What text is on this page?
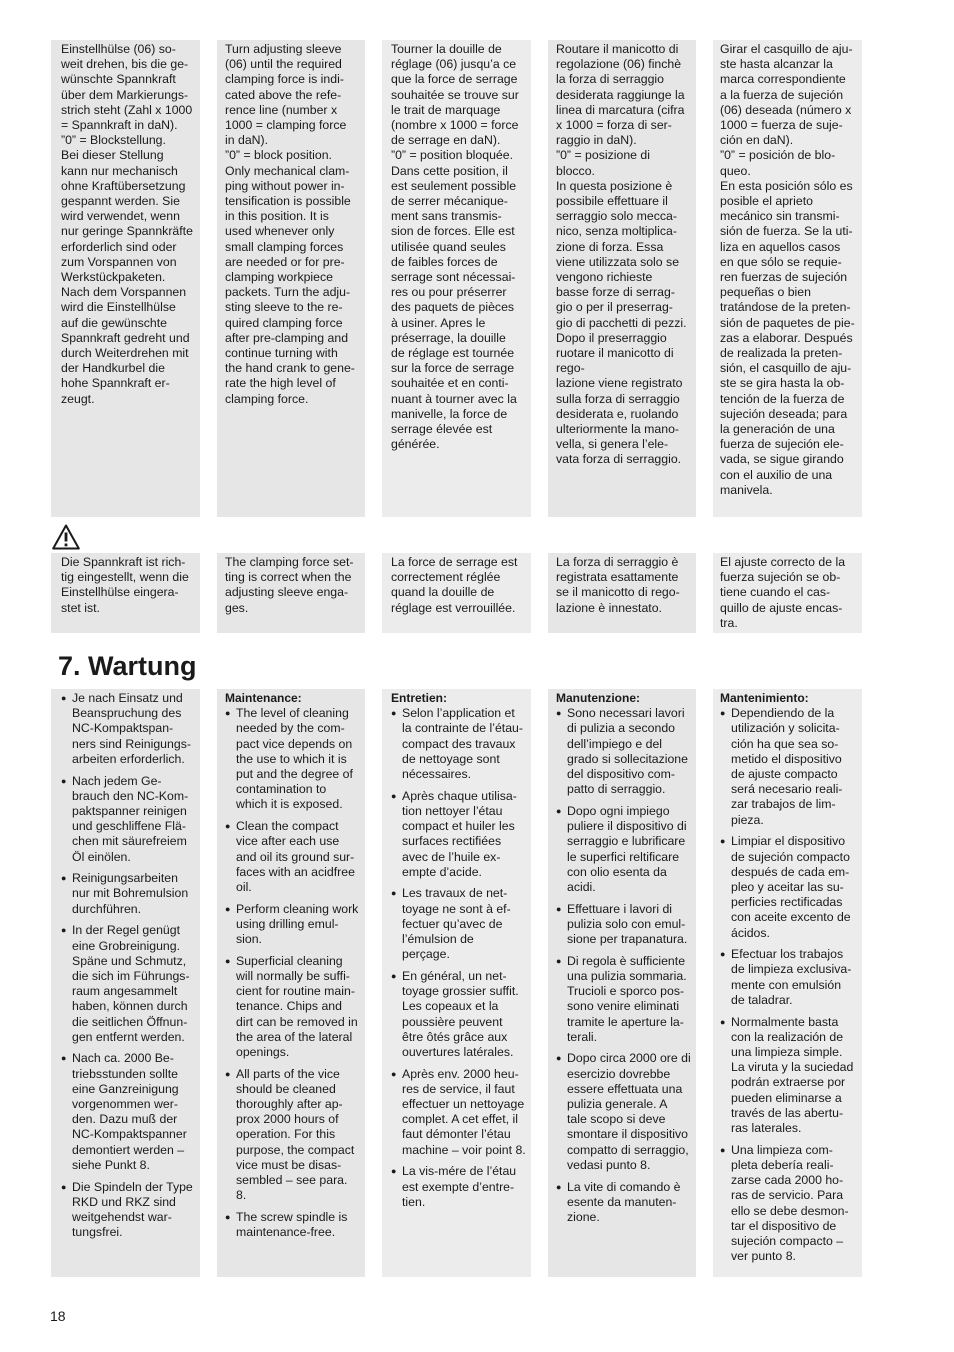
Einstellhülse (06) so-
weit drehen, bis die ge-
wünschte Spannkraft
über dem Markierungs-
strich steht (Zahl x 1000
= Spannkraft in daN).
”0” = Blockstellung.
Bei dieser Stellung
kann nur mechanisch
ohne Kraftübersetzung
gespannt werden. Sie
wird verwendet, wenn
nur geringe Spannkräfte
erforderlich sind oder
zum Vorspannen von
Werkstückpaketen.
Nach dem Vorspannen
wird die Einstellhülse
auf die gewünschte
Spannkraft gedreht und
durch Weiterdrehen mit
der Handkurbel die
hohe Spannkraft er-
zeugt.

Turn adjusting sleeve
(06) until the required
clamping force is indi-
cated above the refe-
rence line (number x
1000 = clamping force
in daN).
”0” = block position.
Only mechanical clam-
ping without power in-
tensification is possible
in this position. It is
used whenever only
small clamping forces
are needed or for pre-
clamping workpiece
packets. Turn the adju-
sting sleeve to the re-
quired clamping force
after pre-clamping and
continue turning with
the hand crank to gene-
rate the high level of
clamping force.

Tourner la douille de
réglage (06) jusqu’a ce
que la force de serrage
souhaitée se trouve sur
le trait de marquage
(nombre x 1000 = force
de serrage en daN).
”0” = position bloquée.
Dans cette position, il
est seulement possible
de serrer mécanique-
ment sans transmis-
sion de forces. Elle est
utilisée quand seules
de faibles forces de
serrage sont nécessai-
res ou pour préserrer
des paquets de pièces
à usiner. Apres le
préserrage, la douille
de réglage est tournée
sur la force de serrage
souhaitée et en conti-
nuant à tourner avec la
manivelle, la force de
serrage élevée est
générée.

Routare il manicotto di
regolazione (06) finchè
la forza di serraggio
desiderata raggiunge la
linea di marcatura (cifra
x 1000 = forza di ser-
raggio in daN).
”0” = posizione di
blocco.
In questa posizione è
possibile effettuare il
serraggio solo mecca-
nico, senza moltiplica-
zione di forza. Essa
viene utilizzata solo se
vengono richieste
basse forze di serrag-
gio o per il preserrag-
gio di pacchetti di pezzi.
Dopo il preserraggio
ruotare il manicotto di rego-
lazione viene registrato
sulla forza di serraggio
desiderata e, ruolando
ulteriormente la mano-
vella, si genera l’ele-
vata forza di serraggio.

Girar el casquillo de aju-
ste hasta alcanzar la
marca correspondiente
a la fuerza de sujeción
(06) deseada (número x
1000 = fuerza de suje-
ción en daN).
”0” = posición de blo-
queo.
En esta posición sólo es
posible el aprieto
mecánico sin transmi-
sión de fuerza. Se la uti-
liza en aquellos casos
en que sólo se requie-
ren fuerzas de sujeción
pequeñas o bien
tratándose de la preten-
sión de paquetes de pie-
zas a elaborar. Después
de realizada la preten-
sión, el casquillo de aju-
ste se gira hasta la ob-
tención de la fuerza de
sujeción deseada; para
la generación de una
fuerza de sujeción ele-
vada, se sigue girando
con el auxilio de una
manivela.

Die Spannkraft ist rich-
tig eingestellt, wenn die
Einstellhülse eingera-
stet ist.

The clamping force set-
ting is correct when the
adjusting sleeve enga-
ges.

La force de serrage est
correctement réglée
quand la douille de
réglage est verrouillée.

La forza di serraggio è
registrata esattamente
se il manicotto di rego-
lazione è innestato.

El ajuste correcto de la
fuerza sujeción se ob-
tiene cuando el cas-
quillo de ajuste encas-
tra.

7. Wartung
● Je nach Einsatz und
Beanspruchung des
NC-Kompaktspan-
ners sind Reinigungs-
arbeiten erforderlich.
● Nach jedem Ge-
brauch den NC-Kom-
paktspanner reinigen
und geschliffene Flä-
chen mit säurefreiem
Öl einölen.
● Reinigungsarbeiten
nur mit Bohremulsion
durchführen.
● In der Regel genügt
eine Grobreinigung.
Späne und Schmutz,
die sich im Führungs-
raum angesammelt
haben, können durch
die seitlichen Öffnun-
gen entfernt werden.
● Nach ca. 2000 Be-
triebsstunden sollte
eine Ganzreinigung
vorgenommen wer-
den. Dazu muß der
NC-Kompaktspanner
demontiert werden –
siehe Punkt 8.
● Die Spindeln der Type
RKD und RKZ sind
weitgehendst war-
tungsfrei.

Maintenance:

● The level of cleaning
needed by the com-
pact vice depends on
the use to which it is
put and the degree of
contamination to
which it is exposed.
● Clean the compact
vice after each use
and oil its ground sur-
faces with an acidfree
oil.
● Perform cleaning work
using drilling emul-
sion.
● Superficial cleaning
will normally be suffi-
cient for routine main-
tenance. Chips and
dirt can be removed in
the area of the lateral
openings.
● All parts of the vice
should be cleaned
thoroughly after ap-
prox 2000 hours of
operation. For this
purpose, the compact
vice must be disas-
sembled – see para.
8.
● The screw spindle is
maintenance-free.

Entretien:

● Selon l’application et
la contrainte de l’étau-
compact des travaux
de nettoyage sont
nécessaires.
● Après chaque utilisa-
tion nettoyer l’étau
compact et huiler les
surfaces rectifiées
avec de l’huile ex-
empte d’acide.
● Les travaux de net-
toyage ne sont à ef-
fectuer qu’avec de
l’émulsion de
perçage.
● En général, un net-
toyage grossier suffit.
Les copeaux et la
poussière peuvent
être ôtés grâce aux
ouvertures latérales.
● Après env. 2000 heu-
res de service, il faut
effectuer un nettoyage
complet. A cet effet, il
faut démonter l’étau
machine – voir point 8.
● La vis-mére de l’étau
est exempte d’entre-
tien.

Manutenzione:

● Sono necessari lavori
di pulizia a secondo
dell’impiego e del
grado si sollecitazione
del dispositivo com-
patto di serraggio.
● Dopo ogni impiego
puliere il dispositivo di
serraggio e lubrificare
le superfici reltificare
con olio esenta da
acidi.
● Effettuare i lavori di
pulizia solo con emul-
sione per trapanatura.
● Di regola è sufficiente
una pulizia sommaria.
Trucioli e sporco pos-
sono venire eliminati
tramite le aperture la-
terali.
● Dopo circa 2000 ore di
esercizio dovrebbe
essere effettuata una
pulizia generale. A
tale scopo si deve
smontare il dispositivo
compatto di serraggio,
vedasi punto 8.
● La vite di comando è
esente da manuten-
zione.

Mantenimiento:

● Dependiendo de la
utilización y solicita-
ción ha que sea so-
metido el dispositivo
de ajuste compacto
será necesario reali-
zar trabajos de lim-
pieza.
● Limpiar el dispositivo
de sujeción compacto
después de cada em-
pleo y aceitar las su-
perficies rectificadas
con aceite excento de
ácidos.
● Efectuar los trabajos
de limpieza exclusiva-
mente con emulsión
de taladrar.
● Normalmente basta
con la realización de
una limpieza simple.
La viruta y la suciedad
podrán extraerse por
pueden eliminarse a
través de las abertu-
ras laterales.
● Una limpieza com-
pleta debería reali-
zarse cada 2000 ho-
ras de servicio. Para
ello se debe desmon-
tar el dispositivo de
sujeción compacto –
ver punto 8.
18
